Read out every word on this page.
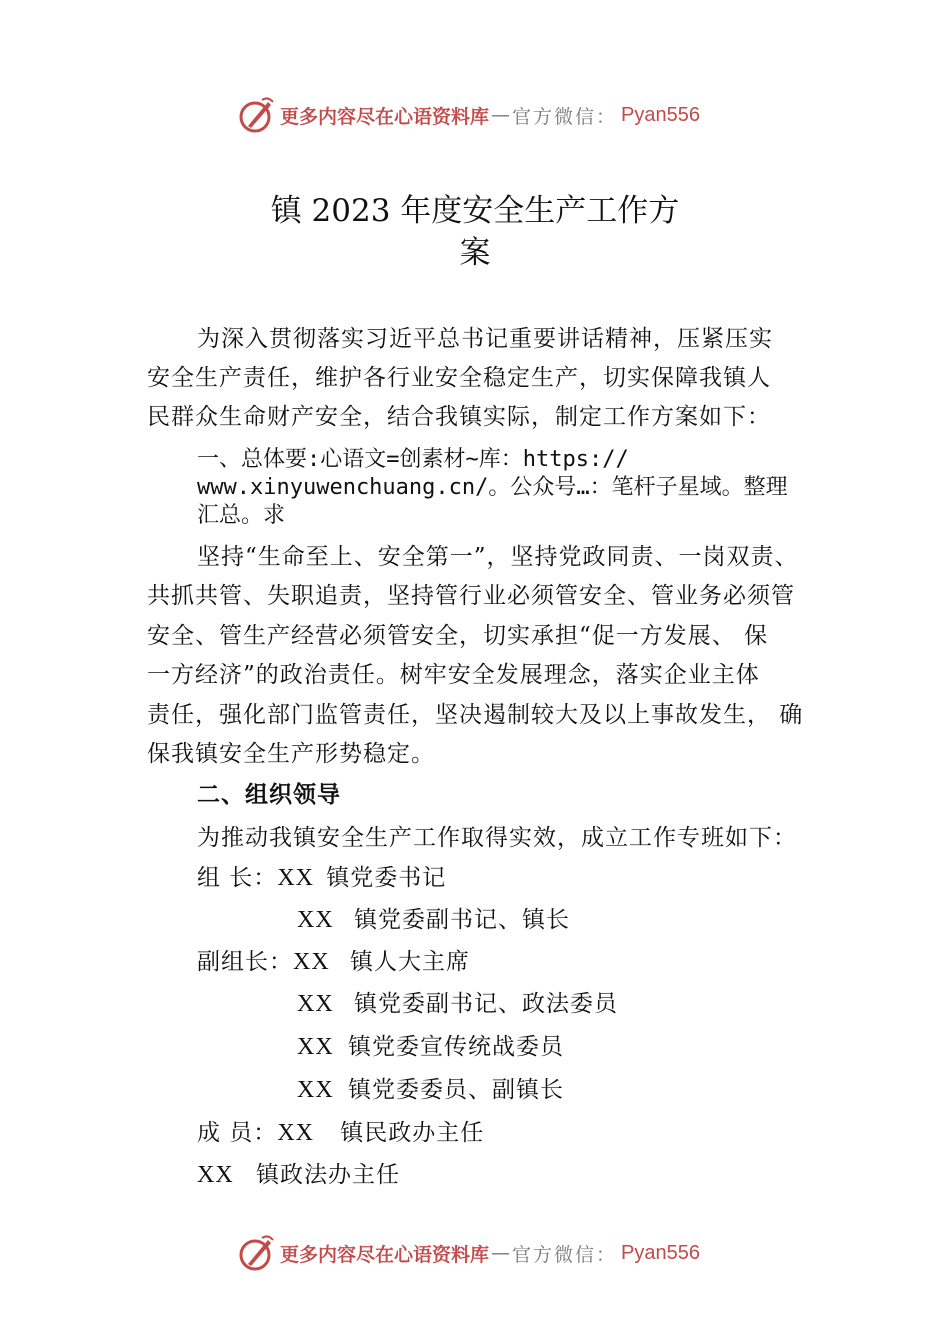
更多内容尽在心语资料库 — 官方微信： Pyan556
镇 2023 年度安全生产工作方
案
为深入贯彻落实习近平总书记重要讲话精神，压紧压实
安全生产责任，维护各行业安全稳定生产，切实保障我镇人
民群众生命财产安全，结合我镇实际，制定工作方案如下：
一、总体要:心语文=创素材~库：https://
www.xinyuwenchuang.cn/。公众号…：笔杆子星域。整理
汇总。求
坚持“生命至上、安全第一”，坚持党政同责、一岗双责、
共抓共管、失职追责，坚持管行业必须管安全、管业务必须管
安全、管生产经营必须管安全，切实承担“促一方发展、 保
一方经济”的政治责任。树牢安全发展理念，落实企业主体
责任，强化部门监管责任，坚决遏制较大及以上事故发生， 确
保我镇安全生产形势稳定。
二、组织领导
为推动我镇安全生产工作取得实效，成立工作专班如下：
组 长：XX 镇党委书记
XX 镇党委副书记、镇长
副组长：XX 镇人大主席
XX 镇党委副书记、政法委员
XX 镇党委宣传统战委员
XX 镇党委委员、副镇长
成 员：XX 镇民政办主任
XX 镇政法办主任
更多内容尽在心语资料库 — 官方微信： Pyan556
